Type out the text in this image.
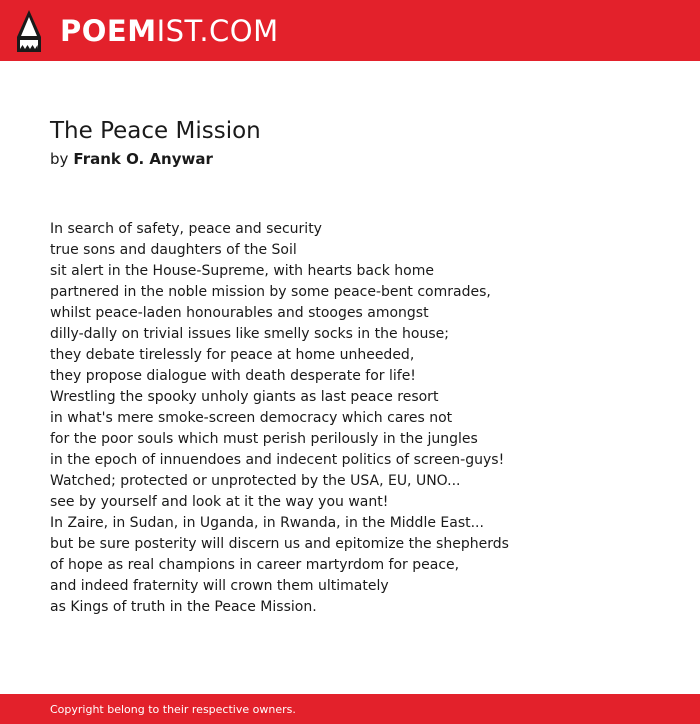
POEMIST.COM
The Peace Mission
by Frank O. Anywar
In search of safety, peace and security
true sons and daughters of the Soil
sit alert in the House-Supreme, with hearts back home
partnered in the noble mission by some peace-bent comrades,
whilst peace-laden honourables and stooges amongst
dilly-dally on trivial issues like smelly socks in the house;
they debate tirelessly for peace at home unheeded,
they propose dialogue with death desperate for life!
Wrestling the spooky unholy giants as last peace resort
in what's mere smoke-screen democracy which cares not
for the poor souls which must perish perilously in the jungles
in the epoch of innuendoes and indecent politics of screen-guys!
Watched; protected or unprotected by the USA, EU, UNO...
see by yourself and look at it the way you want!
In Zaire, in Sudan, in Uganda, in Rwanda, in the Middle East...
but be sure posterity will discern us and epitomize the shepherds
of hope as real champions in career martyrdom for peace,
and indeed fraternity will crown them ultimately
as Kings of truth in the Peace Mission.
Copyright belong to their respective owners.
